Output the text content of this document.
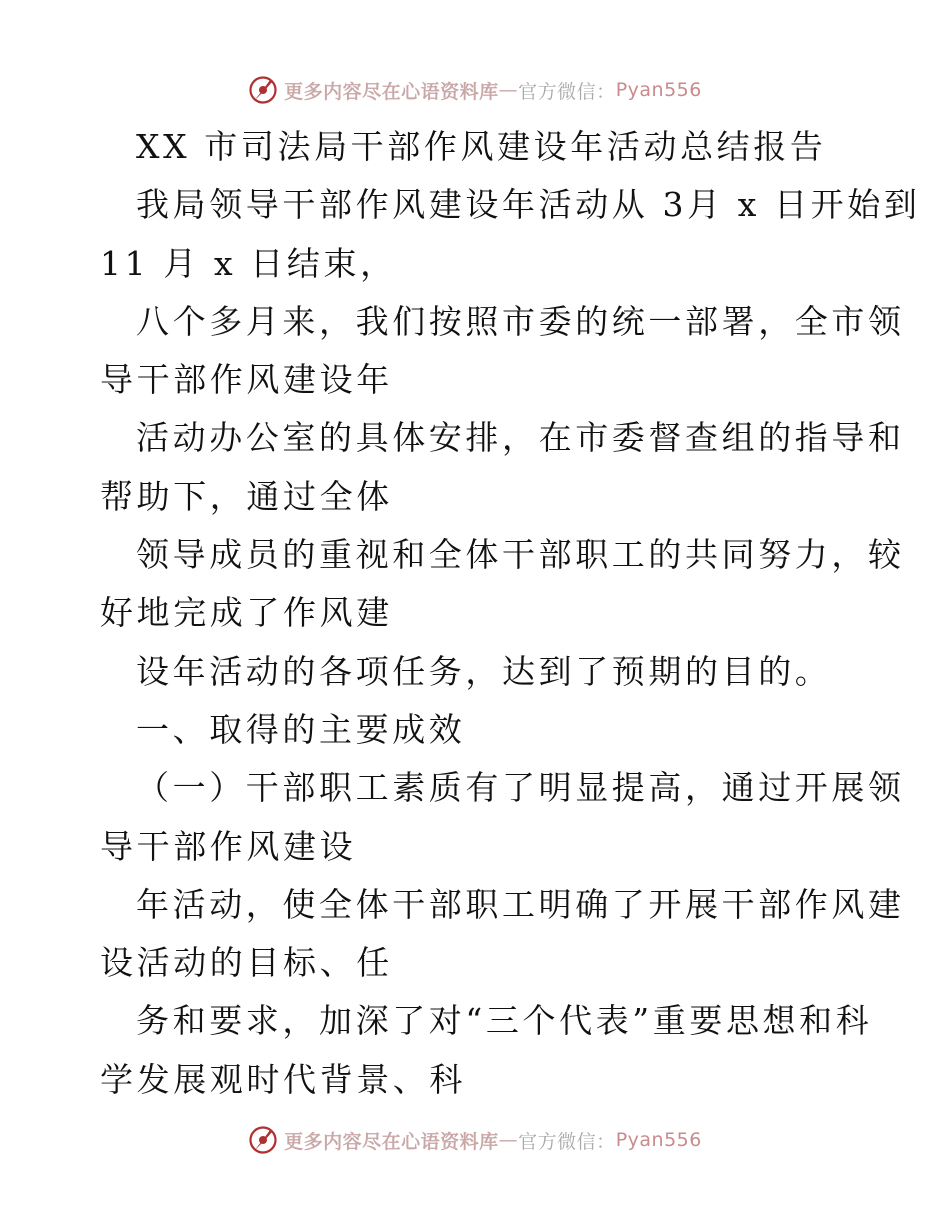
更多内容尽在心语资料库 — 官方微信： Pyan556
XX 市司法局干部作风建设年活动总结报告
我局领导干部作风建设年活动从 3月 x 日开始到
11 月 x 日结束，
八个多月来，我们按照市委的统一部署，全市领
导干部作风建设年
活动办公室的具体安排，在市委督查组的指导和
帮助下，通过全体
领导成员的重视和全体干部职工的共同努力，较
好地完成了作风建
设年活动的各项任务，达到了预期的目的。
一、取得的主要成效
（一）干部职工素质有了明显提高，通过开展领
导干部作风建设
年活动，使全体干部职工明确了开展干部作风建
设活动的目标、任
务和要求，加深了对“三个代表”重要思想和科
学发展观时代背景、科
更多内容尽在心语资料库 — 官方微信： Pyan556
